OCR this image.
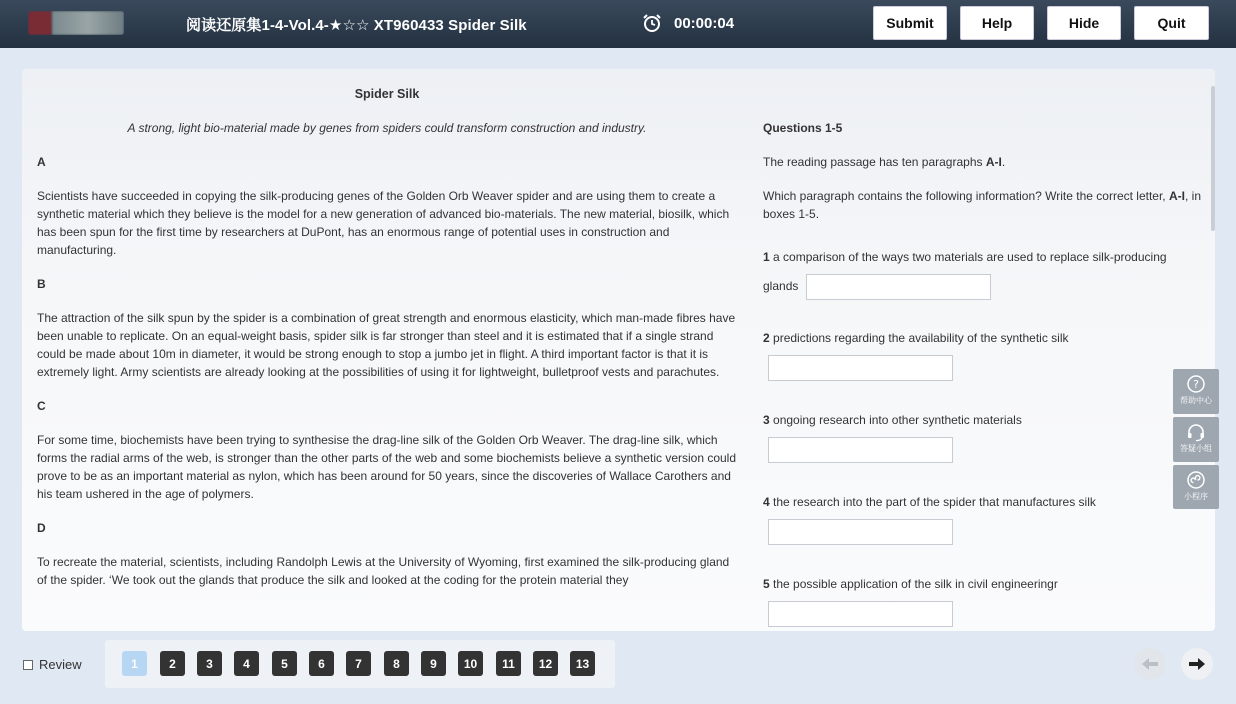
阅读还原集1-4-Vol.4-★☆☆ XT960433 Spider Silk	00:00:04	Submit	Help	Hide	Quit
Spider Silk
A strong, light bio-material made by genes from spiders could transform construction and industry.
A
Scientists have succeeded in copying the silk-producing genes of the Golden Orb Weaver spider and are using them to create a synthetic material which they believe is the model for a new generation of advanced bio-materials. The new material, biosilk, which has been spun for the first time by researchers at DuPont, has an enormous range of potential uses in construction and manufacturing.
B
The attraction of the silk spun by the spider is a combination of great strength and enormous elasticity, which man-made fibres have been unable to replicate. On an equal-weight basis, spider silk is far stronger than steel and it is estimated that if a single strand could be made about 10m in diameter, it would be strong enough to stop a jumbo jet in flight. A third important factor is that it is extremely light. Army scientists are already looking at the possibilities of using it for lightweight, bulletproof vests and parachutes.
C
For some time, biochemists have been trying to synthesise the drag-line silk of the Golden Orb Weaver. The drag-line silk, which forms the radial arms of the web, is stronger than the other parts of the web and some biochemists believe a synthetic version could prove to be as an important material as nylon, which has been around for 50 years, since the discoveries of Wallace Carothers and his team ushered in the age of polymers.
D
To recreate the material, scientists, including Randolph Lewis at the University of Wyoming, first examined the silk-producing gland of the spider. ‘We took out the glands that produce the silk and looked at the coding for the protein material they
Questions 1-5
The reading passage has ten paragraphs A-I.
Which paragraph contains the following information? Write the correct letter, A-I, in boxes 1-5.
1 a comparison of the ways two materials are used to replace silk-producing glands
2 predictions regarding the availability of the synthetic silk
3 ongoing research into other synthetic materials
4 the research into the part of the spider that manufactures silk
5 the possible application of the silk in civil engineeringr
?
帮助中心
答疑小组
小程序
Review	1	2	3	4	5	6	7	8	9	10	11	12	13
